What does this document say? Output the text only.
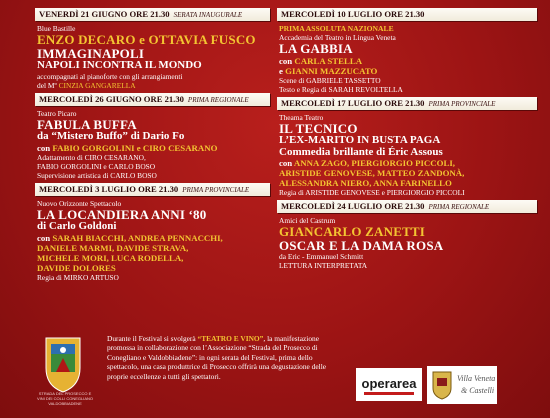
VENERDÌ 21 GIUGNO ORE 21.30 SERATA INAUGURALE
Blue Bastille
ENZO DECARO e OTTAVIA FUSCO
IMMAGINAPOLI
NAPOLI INCONTRA IL MONDO
accompagnati al pianoforte con gli arrangiamenti
del Mº CINZIA GANGARELLA
MERCOLEDÌ 26 GIUGNO ORE 21.30 PRIMA REGIONALE
Teatro Picaro
FABULA BUFFA
da “Mistero Buffo” di Dario Fo
con FABIO GORGOLINI e CIRO CESARANO
Adattamento di CIRO CESARANO,
FABIO GORGOLINI e CARLO BOSO
Supervisione artistica di CARLO BOSO
MERCOLEDÌ 3 LUGLIO ORE 21.30 PRIMA PROVINCIALE
Nuovo Orizzonte Spettacolo
LA LOCANDIERA ANNI ‘80
di Carlo Goldoni
con SARAH BIACCHI, ANDREA PENNACCHI,
DANIELE MARMI, DAVIDE STRAVA,
MICHELE MORI, LUCA RODELLA,
DAVIDE DOLORES
Regia di MIRKO ARTUSO
MERCOLEDÌ 10 LUGLIO ORE 21.30
PRIMA ASSOLUTA NAZIONALE
Accademia del Teatro in Lingua Veneta
LA GABBIA
con CARLA STELLA
e GIANNI MAZZUCATO
Scene di GABRIELE TASSETTO
Testo e Regia di SARAH REVOLTELLA
MERCOLEDÌ 17 LUGLIO ORE 21.30 PRIMA PROVINCIALE
Theama Teatro
IL TECNICO
L’EX-MARITO IN BUSTA PAGA
Commedia brillante di Éric Assous
con ANNA ZAGO, PIERGIORGIO PICCOLI,
ARISTIDE GENOVESE, MATTEO ZANDONÀ,
ALESSANDRA NIERO, ANNA FARINELLO
Regia di ARISTIDE GENOVESE e PIERGIORGIO PICCOLI
MERCOLEDÌ 24 LUGLIO ORE 21.30 PRIMA REGIONALE
Amici del Castrum
GIANCARLO ZANETTI
OSCAR E LA DAMA ROSA
da Eric - Emmanuel Schmitt
LETTURA INTERPRETATA
STRADA DEL PROSECCO E VINI DEI COLLI CONEGLIANO VALDOBBIADENE
Durante il Festival si svolgerà “TEATRO E VINO”, la manifestazione promossa in collaborazione con l’Associazione “Strada del Prosecco di Conegliano e Valdobbiadene”: in ogni serata del Festival, prima dello spettacolo, una casa produttrice di Prosecco offrirà una degustazione delle proprie eccellenze a tutti gli spettatori.	operarea	Villa Veneta
& Castelli
